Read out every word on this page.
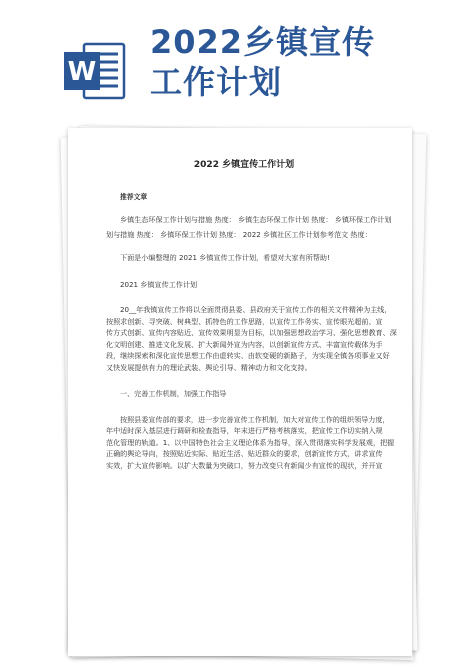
W
2022乡镇宣传
工作计划
2022 乡镇宣传工作计划
推荐文章
乡镇生态环保工作计划与措施 热度： 乡镇生态环保工作计划 热度： 乡镇环保工作计划
划与措施 热度： 乡镇环保工作计划 热度： 2022 乡镇社区工作计划参考范文 热度：
下面是小编整理的 2021 乡镇宣传工作计划，希望对大家有所帮助!
2021 乡镇宣传工作计划
20__年我镇宣传工作将以全面贯彻县委、县政府关于宣传工作的相关文件精神为主线，
按照求创新、寻突破、树典型、抓特色的工作思路，以宣传工作务实、宣传眼光超前、宣
传方式创新、宣传内容贴近、宣传效果明显为目标，以加强思想政治学习、强化思想教育、深
化文明创建、推进文化发展、扩大新闻外宣为内容，以创新宣传方式、丰富宣传载体为手
段，继续探索和深化宣传思想工作由虚转实、由软变硬的新路子，为实现全镇各项事业又好
又快发展提供有力的理论武装、舆论引导、精神动力和文化支持。
一、完善工作机制，加强工作指导
按照县委宣传部的要求，进一步完善宣传工作机制，加大对宣传工作的组织领导力度，
年中适时深入基层进行调研和检查指导，年末进行严格考核落实，把宣传工作切实纳入规
范化管理的轨道。1、以中国特色社会主义理论体系为指导，深入贯彻落实科学发展观，把握
正确的舆论导向，按照贴近实际、贴近生活、贴近群众的要求，创新宣传方式，讲求宣传
实效，扩大宣传影响。以扩大数量为突破口，努力改变只有新闻少有宣传的现状，并开宣
